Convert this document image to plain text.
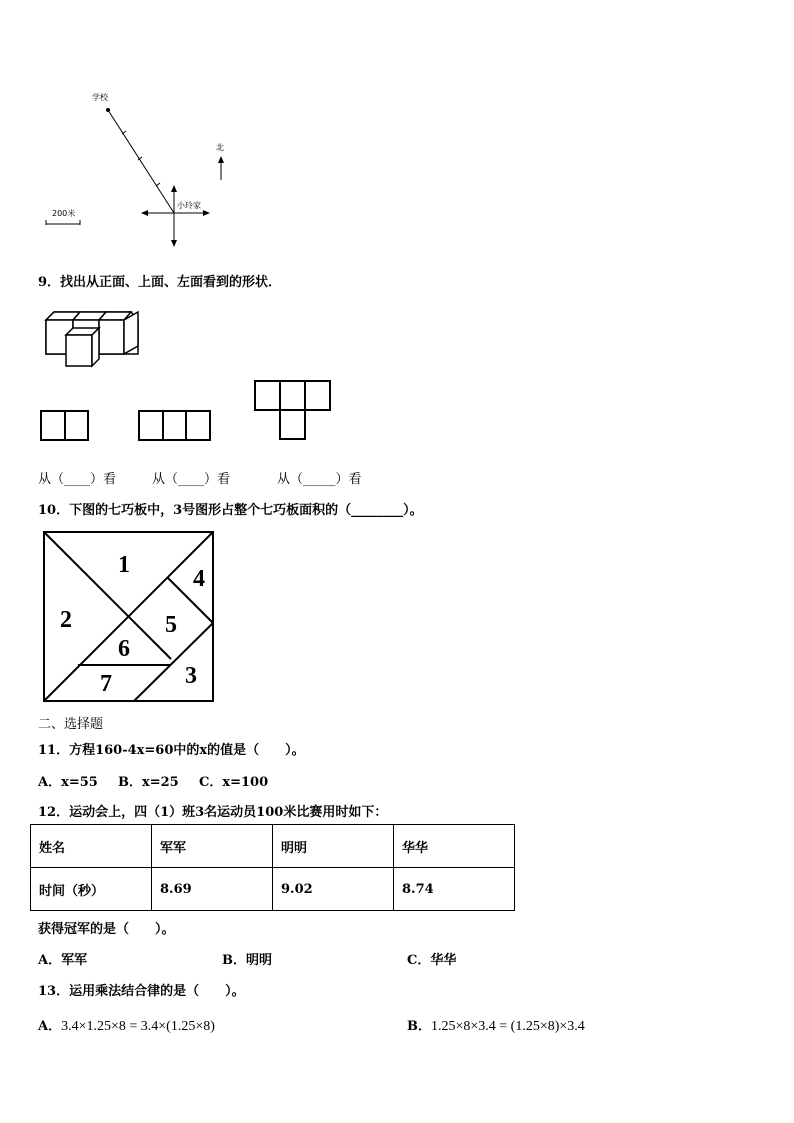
学校
北
小玲家
200米
9．找出从正面、上面、左面看到的形状．
从（____）看	从（____）看	从（_____）看
10．下图的七巧板中，3号图形占整个七巧板面积的（________）。
1
2
3
4
5
6
7
二、选择题
11．方程160-4x=60中的x的值是（　　）。
A．x=55 B．x=25 C．x=100
12．运动会上，四（1）班3名运动员100米比赛用时如下：
姓名	军军	明明	华华
时间（秒）	8.69	9.02	8.74
获得冠军的是（　　）。
A．军军	B．明明	C．华华
13．运用乘法结合律的是（　　）。
A．3.4×1.25×8 = 3.4×(1.25×8)	B．1.25×8×3.4 = (1.25×8)×3.4
